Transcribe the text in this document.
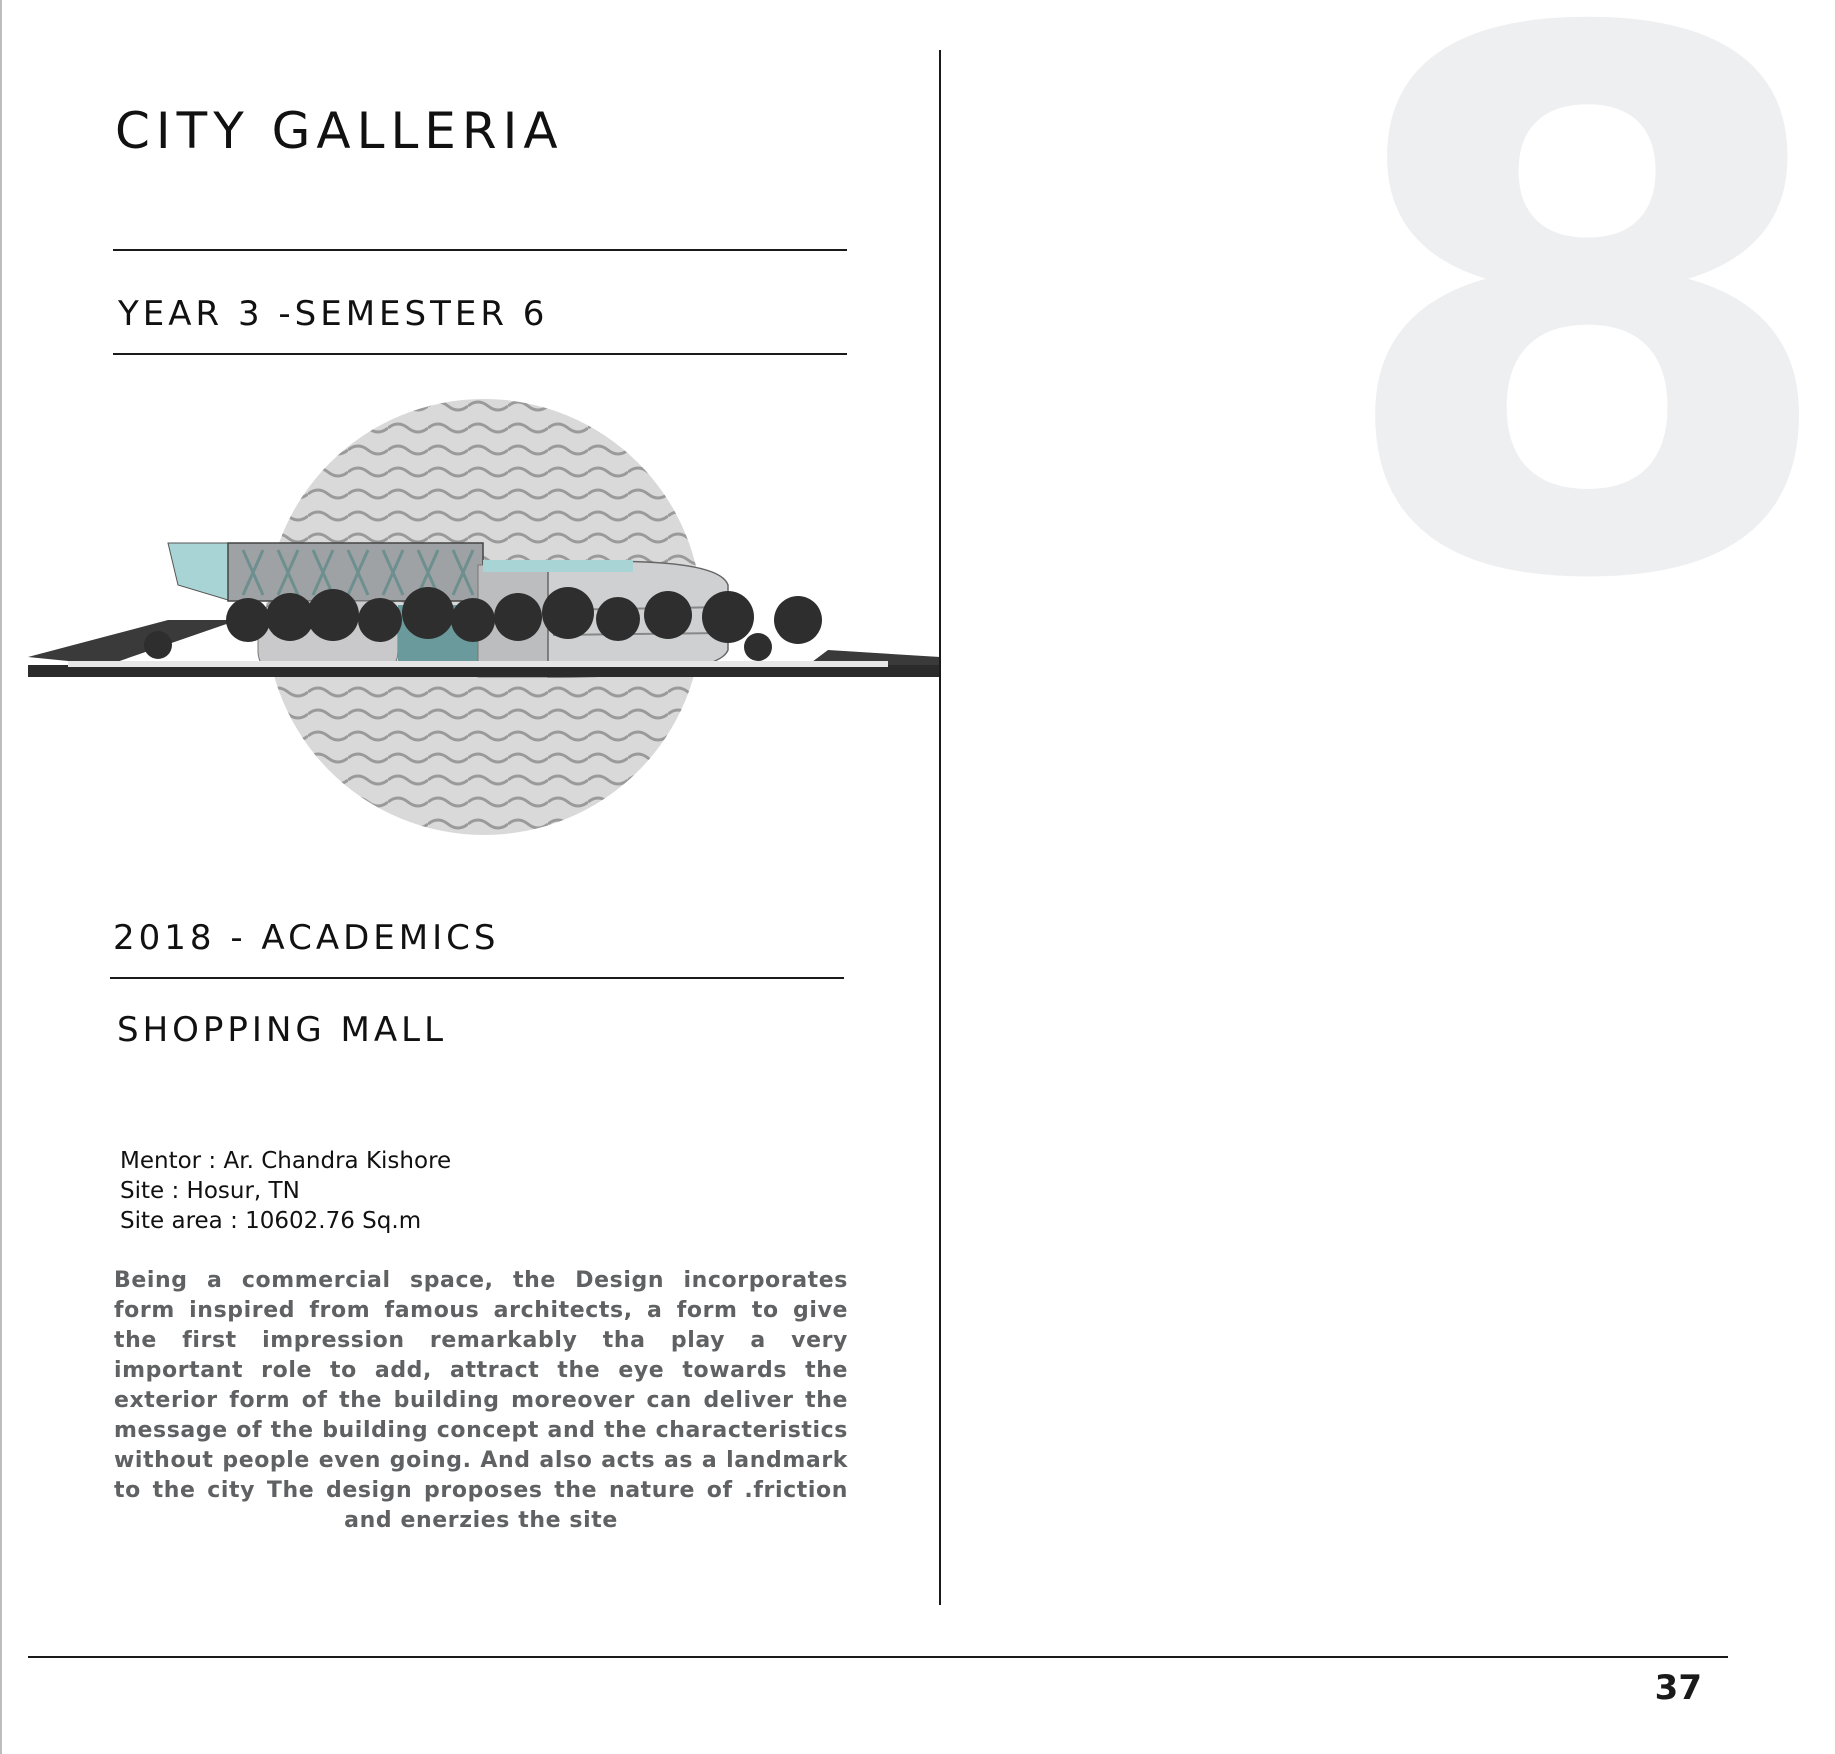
8
CITY GALLERIA
YEAR 3 -SEMESTER 6
2018 - ACADEMICS
SHOPPING MALL
Mentor : Ar. Chandra Kishore
Site : Hosur, TN
Site area : 10602.76 Sq.m
Being a commercial space, the Design incorporates form inspired from famous architects, a form to give the first impression remarkably tha play a very important role to add, attract the eye towards the exterior form of the building moreover can deliver the message of the building concept and the characteristics without people even going. And also acts as a landmark to the city The design proposes the nature of .friction and enerzies the site
37
